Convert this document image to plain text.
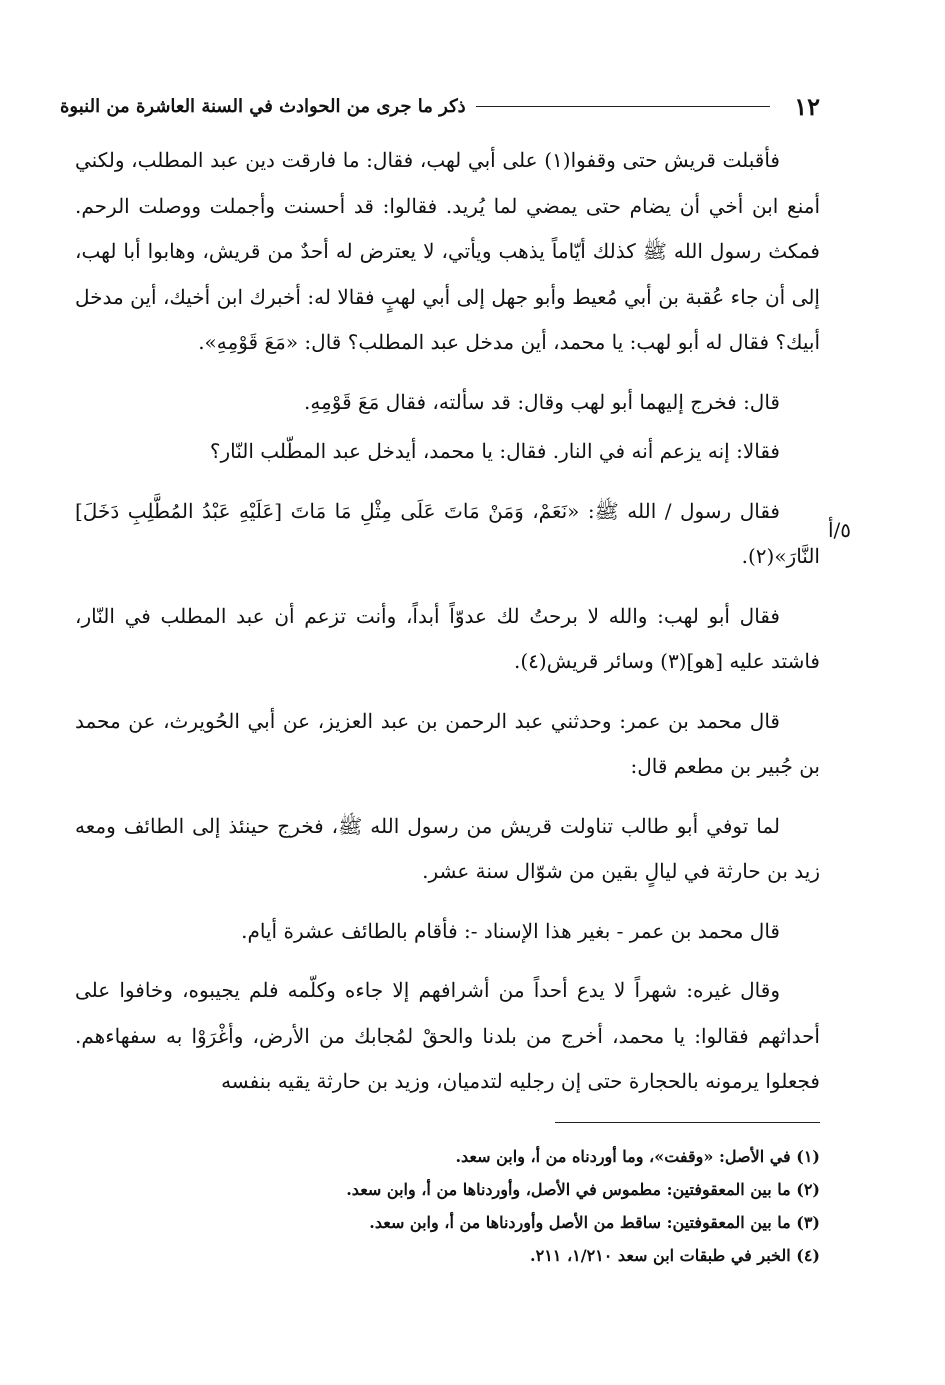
١٢
ذكر ما جرى من الحوادث في السنة العاشرة من النبوة
٥/أ

فأقبلت قريش حتى وقفوا(١) على أبي لهب، فقال: ما فارقت دين عبد المطلب، ولكني أمنع ابن أخي أن يضام حتى يمضي لما يُريد. فقالوا: قد أحسنت وأجملت ووصلت الرحم. فمكث رسول الله ﷺ كذلك أيّاماً يذهب ويأتي، لا يعترض له أحدٌ من قريش، وهابوا أبا لهب، إلى أن جاء عُقبة بن أبي مُعيط وأبو جهل إلى أبي لهبٍ فقالا له: أخبرك ابن أخيك، أين مدخل أبيك؟ فقال له أبو لهب: يا محمد، أين مدخل عبد المطلب؟ قال: «مَعَ قَوْمِهِ».

قال: فخرج إليهما أبو لهب وقال: قد سألته، فقال مَعَ قَوْمِهِ.

فقالا: إنه يزعم أنه في النار. فقال: يا محمد، أيدخل عبد المطّلب النّار؟

فقال رسول / الله ﷺ: «نَعَمْ، وَمَنْ مَاتَ عَلَى مِثْلِ مَا مَاتَ [عَلَيْهِ عَبْدُ المُطَّلِبِ دَخَلَ] النَّارَ»(٢).

فقال أبو لهب: والله لا برحتُ لك عدوّاً أبداً، وأنت تزعم أن عبد المطلب في النّار، فاشتد عليه [هو](٣) وسائر قريش(٤).

قال محمد بن عمر: وحدثني عبد الرحمن بن عبد العزيز، عن أبي الحُويرث، عن محمد بن جُبير بن مطعم قال:

لما توفي أبو طالب تناولت قريش من رسول الله ﷺ، فخرج حينئذ إلى الطائف ومعه زيد بن حارثة في ليالٍ بقين من شوّال سنة عشر.

قال محمد بن عمر - بغير هذا الإسناد -: فأقام بالطائف عشرة أيام.

وقال غيره: شهراً لا يدع أحداً من أشرافهم إلا جاءه وكلّمه فلم يجيبوه، وخافوا على أحداثهم فقالوا: يا محمد، أخرج من بلدنا والحقْ لمُجابك من الأرض، وأغْرَوْا به سفهاءهم. فجعلوا يرمونه بالحجارة حتى إن رجليه لتدميان، وزيد بن حارثة يقيه بنفسه

(١) في الأصل: «وقفت»، وما أوردناه من أ، وابن سعد.

(٢) ما بين المعقوفتين: مطموس في الأصل، وأوردناها من أ، وابن سعد.

(٣) ما بين المعقوفتين: ساقط من الأصل وأوردناها من أ، وابن سعد.

(٤) الخبر في طبقات ابن سعد ١/٢١٠، ٢١١.
